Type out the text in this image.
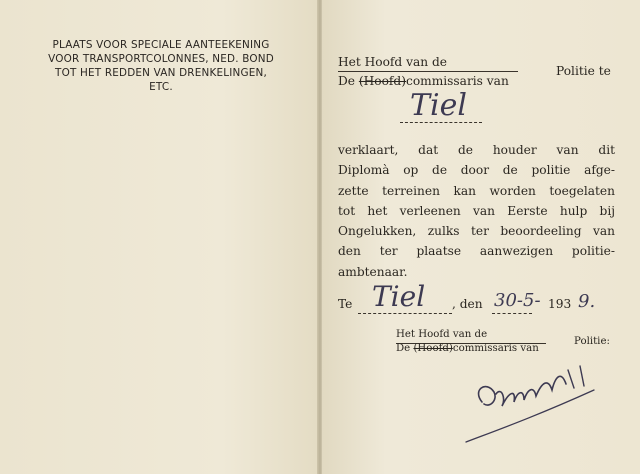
PLAATS VOOR SPECIALE AANTEEKENING
VOOR TRANSPORTCOLONNES, NED. BOND
TOT HET REDDEN VAN DRENKELINGEN,
ETC.
Het Hoofd van de
Politie te
De (Hoofd)commissaris van
Tiel
verklaart, dat de houder van dit
Diplomà op de door de politie afge-
zette terreinen kan worden toegelaten
tot het verleenen van Eerste hulp bij
Ongelukken, zulks ter beoordeeling van
den ter plaatse aanwezigen politie-
ambtenaar.
Te Tiel , den 30-5- 193 9.
Het Hoofd van de
De (Hoofd)commissaris van
Politie:
Aquard
